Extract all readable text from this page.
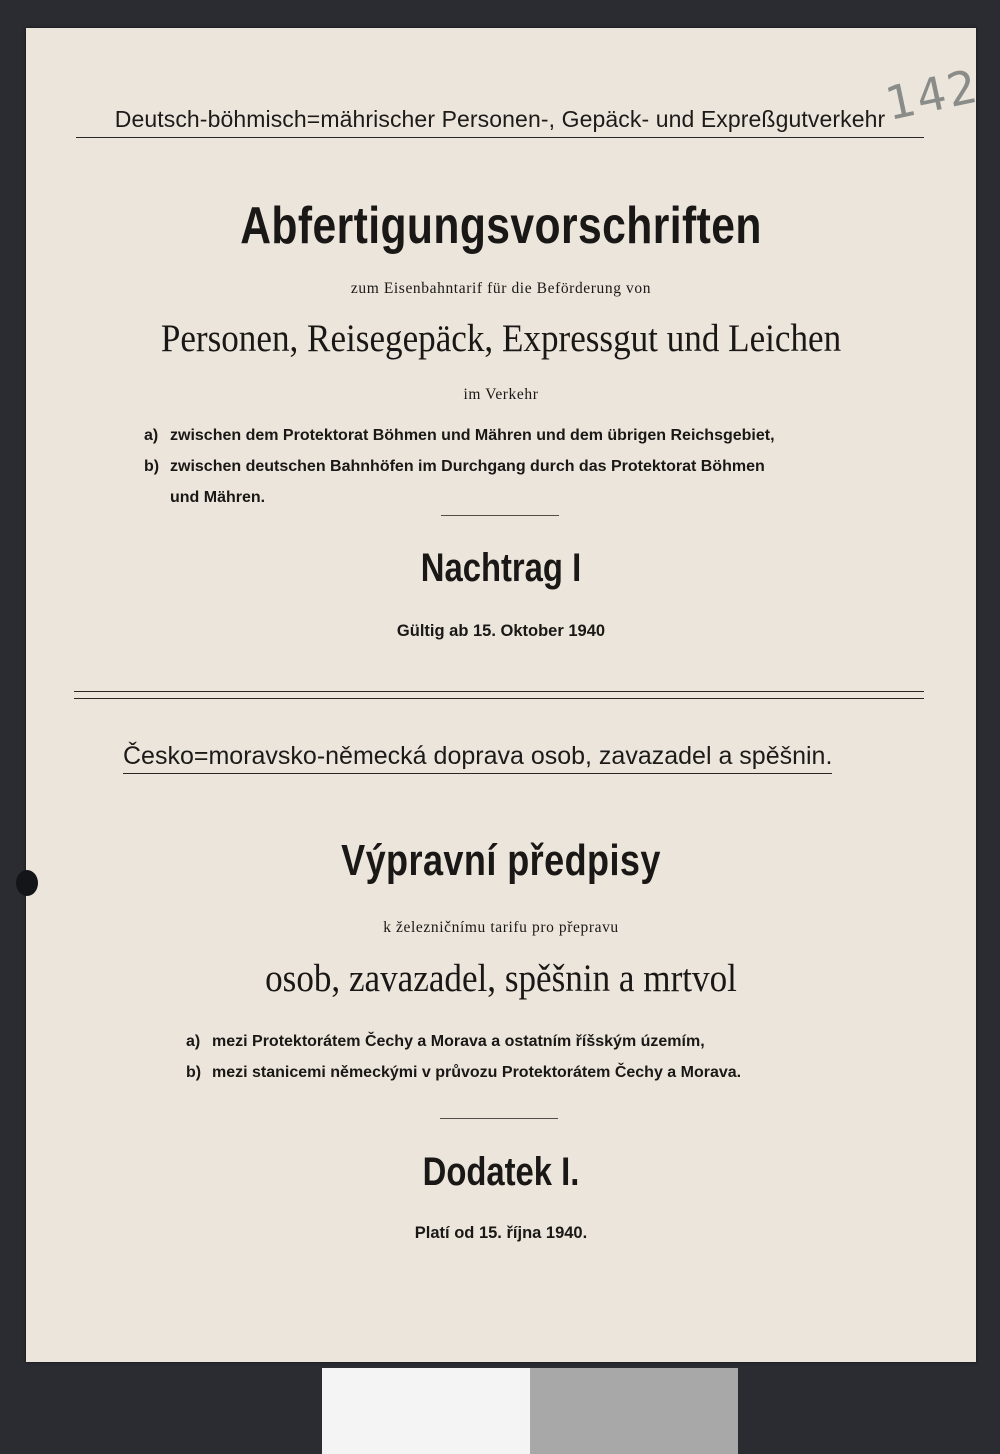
142
Deutsch-böhmisch=mährischer Personen-, Gepäck- und Expreßgutverkehr
Abfertigungsvorschriften
zum Eisenbahntarif für die Beförderung von
Personen, Reisegepäck, Expressgut und Leichen
im Verkehr
a) zwischen dem Protektorat Böhmen und Mähren und dem übrigen Reichsgebiet,
b) zwischen deutschen Bahnhöfen im Durchgang durch das Protektorat Böhmen
und Mähren.
Nachtrag I
Gültig ab 15. Oktober 1940
Česko=moravsko-německá doprava osob, zavazadel a spěšnin.
Výpravní předpisy
k železničnímu tarifu pro přepravu
osob, zavazadel, spěšnin a mrtvol
a) mezi Protektorátem Čechy a Morava a ostatním říšským územím,
b) mezi stanicemi německými v průvozu Protektorátem Čechy a Morava.
Dodatek I.
Platí od 15. října 1940.
